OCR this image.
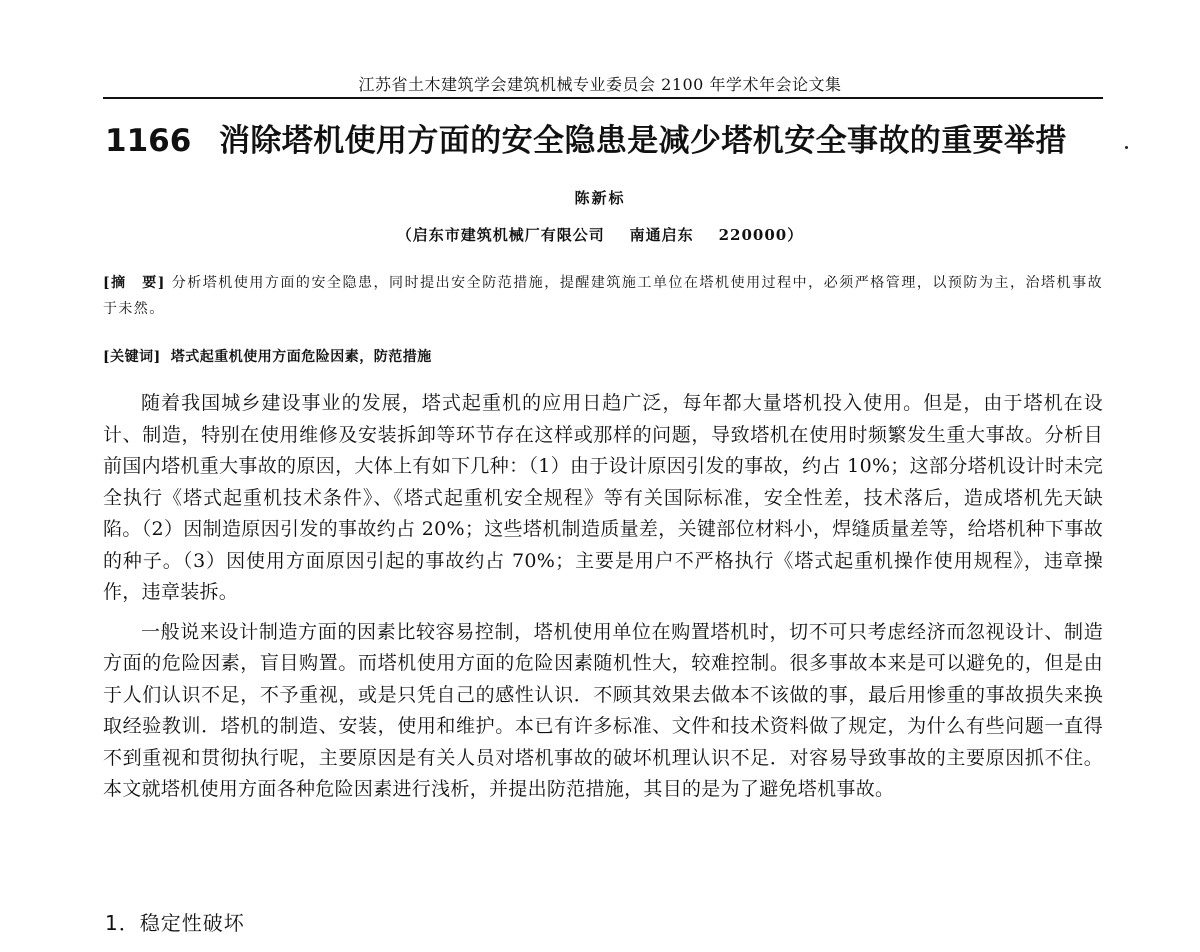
江苏省土木建筑学会建筑机械专业委员会 2100 年学术年会论文集
1166 消除塔机使用方面的安全隐患是减少塔机安全事故的重要举措
陈新标
（启东市建筑机械厂有限公司    南通启东    220000）
[摘　要] 分析塔机使用方面的安全隐患，同时提出安全防范措施，提醒建筑施工单位在塔机使用过程中，必须严格管理，以预防为主，治塔机事故于未然。
[关键词] 塔式起重机使用方面危险因素，防范措施

随着我国城乡建设事业的发展，塔式起重机的应用日趋广泛，每年都大量塔机投入使用。但是，由于塔机在设计、制造，特别在使用维修及安装拆卸等环节存在这样或那样的问题，导致塔机在使用时频繁发生重大事故。分析目前国内塔机重大事故的原因，大体上有如下几种：（1）由于设计原因引发的事故，约占 10%；这部分塔机设计时未完全执行《塔式起重机技术条件》、《塔式起重机安全规程》等有关国际标准，安全性差，技术落后，造成塔机先天缺陷。（2）因制造原因引发的事故约占 20%；这些塔机制造质量差，关键部位材料小，焊缝质量差等，给塔机种下事故的种子。（3）因使用方面原因引起的事故约占 70%；主要是用户不严格执行《塔式起重机操作使用规程》，违章操作，违章装拆。

一般说来设计制造方面的因素比较容易控制，塔机使用单位在购置塔机时，切不可只考虑经济而忽视设计、制造方面的危险因素，盲目购置。而塔机使用方面的危险因素随机性大，较难控制。很多事故本来是可以避免的，但是由于人们认识不足，不予重视，或是只凭自己的感性认识．不顾其效果去做本不该做的事，最后用惨重的事故损失来换取经验教训．塔机的制造、安装，使用和维护。本已有许多标准、文件和技术资料做了规定，为什么有些问题一直得不到重视和贯彻执行呢，主要原因是有关人员对塔机事故的破坏机理认识不足．对容易导致事故的主要原因抓不住。本文就塔机使用方面各种危险因素进行浅析，并提出防范措施，其目的是为了避免塔机事故。

1．稳定性破坏
